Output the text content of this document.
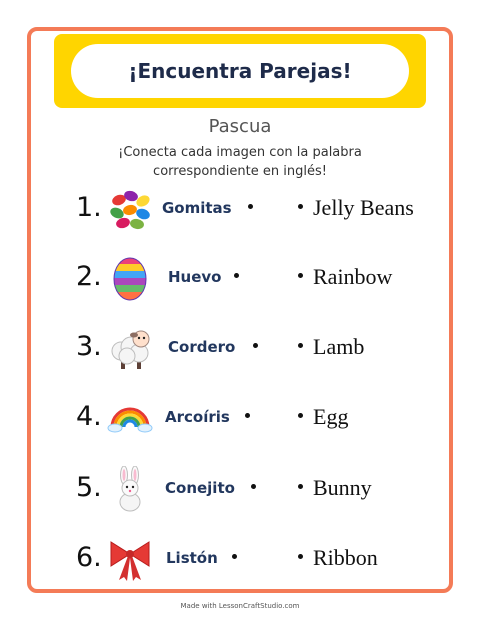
¡Encuentra Parejas!
Pascua
¡Conecta cada imagen con la palabra
correspondiente en inglés!
1.	Gomitas	Jelly Beans
2.	Huevo	Rainbow
3.	Cordero	Lamb
4.	Arcoíris	Egg
5.	Conejito	Bunny
6.	Listón	Ribbon
Made with LessonCraftStudio.com
